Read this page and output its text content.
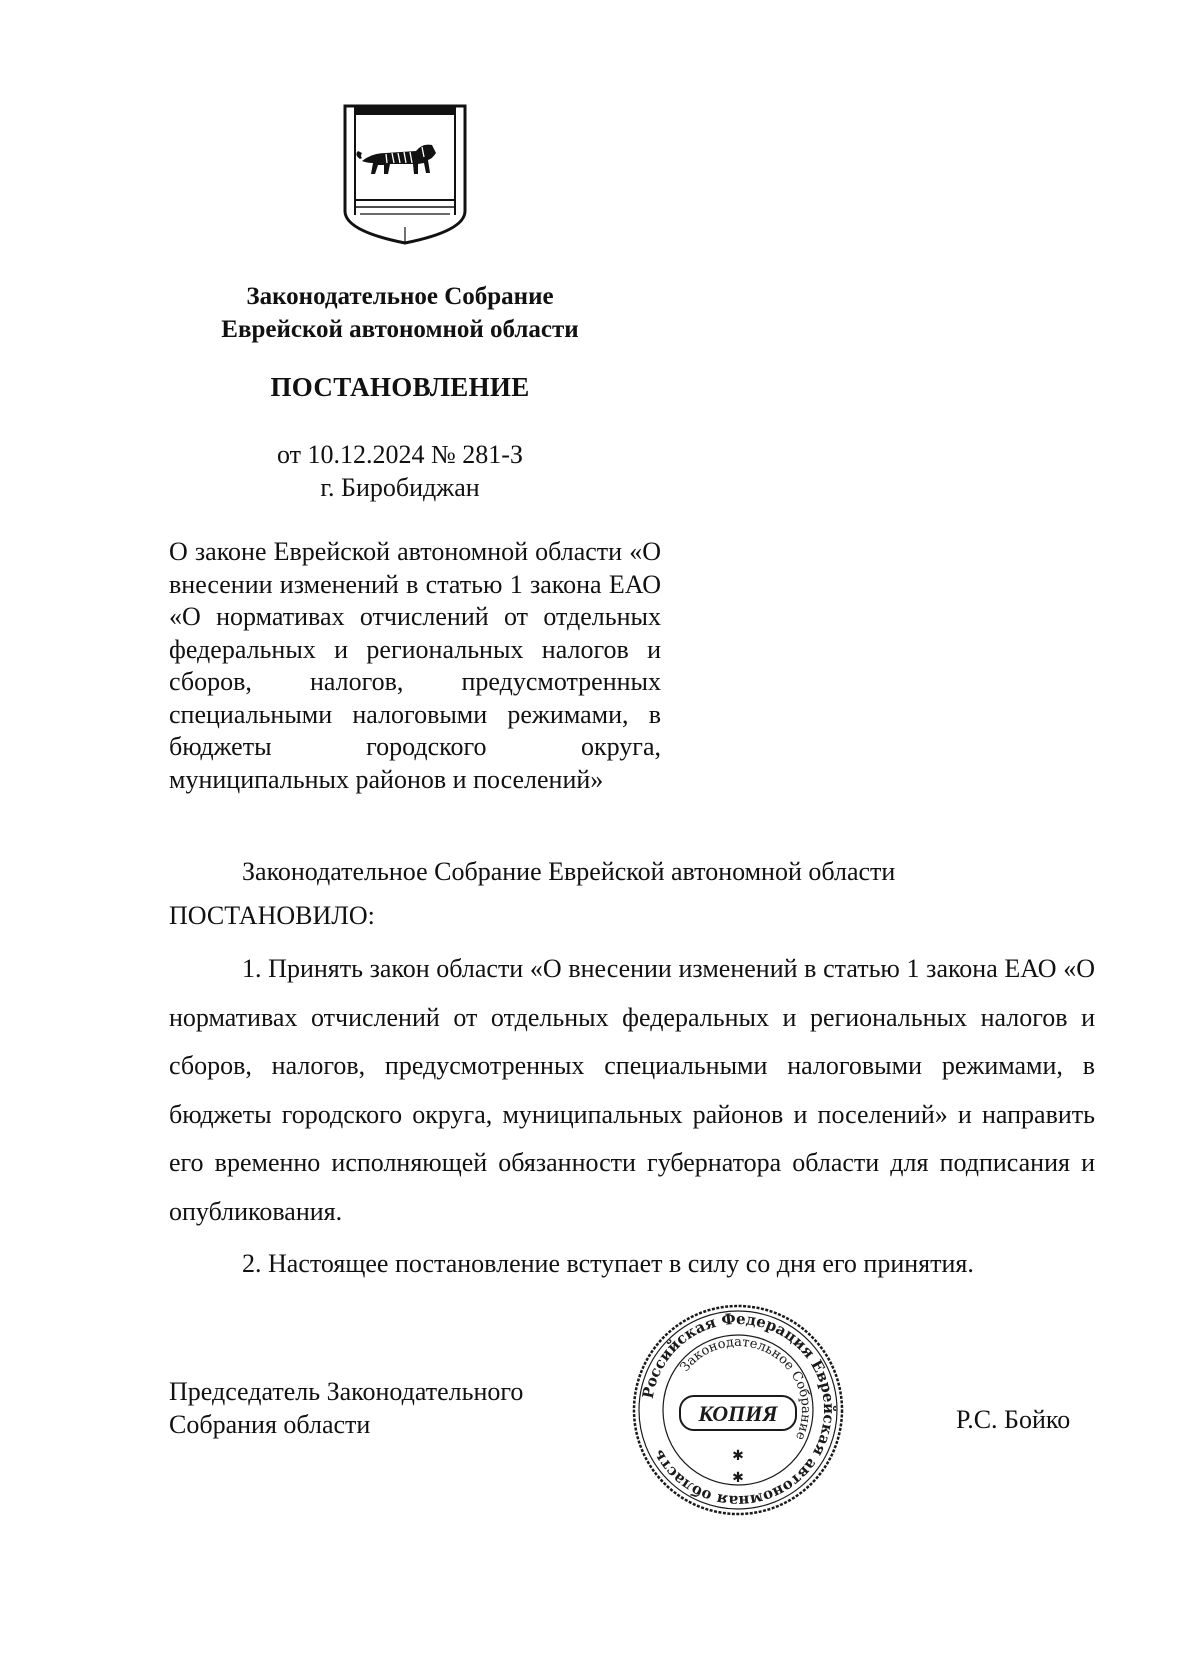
Законодательное Собрание
Еврейской автономной области
ПОСТАНОВЛЕНИЕ
от 10.12.2024 № 281-З
г. Биробиджан

О законе Еврейской автономной области «О внесении изменений в статью 1 закона ЕАО «О нормативах отчислений от отдельных федеральных и региональных налогов и сборов, налогов, предусмотренных специальными налоговыми режимами, в бюджеты городского округа, муниципальных районов и поселений»

Законодательное Собрание Еврейской автономной области
ПОСТАНОВИЛО:

1. Принять закон области «О внесении изменений в статью 1 закона ЕАО «О нормативах отчислений от отдельных федеральных и региональных налогов и сборов, налогов, предусмотренных специальными налоговыми режимами, в бюджеты городского округа, муниципальных районов и поселений» и направить его временно исполняющей обязанности губернатора области для подписания и опубликования.

2. Настоящее постановление вступает в силу со дня его принятия.

Председатель Законодательного
Собрания области
Российская Федерация Еврейская автономная область
Законодательное Собрание
КОПИЯ
✱
✱
Р.С. Бойко
